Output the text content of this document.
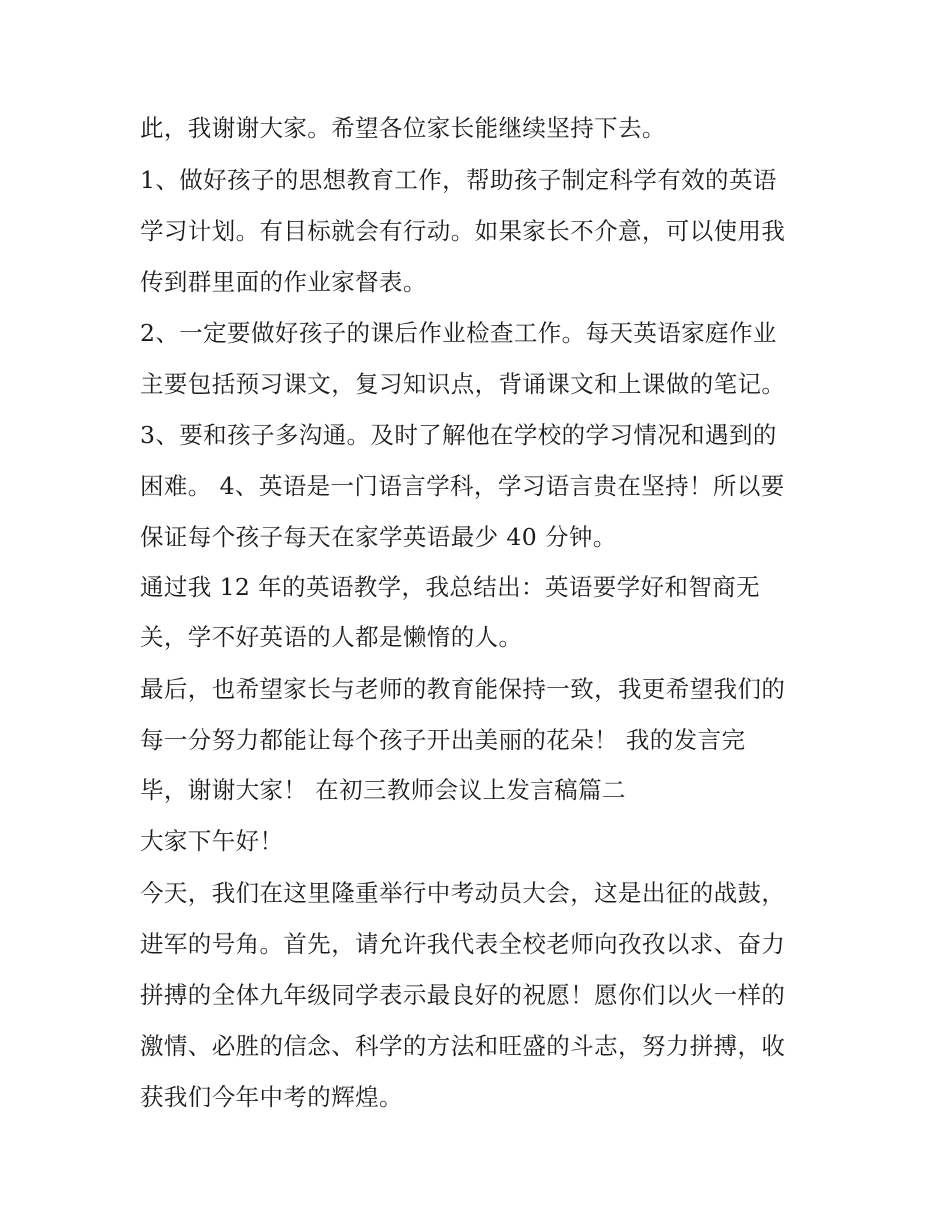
此，我谢谢大家。希望各位家长能继续坚持下去。
1、做好孩子的思想教育工作，帮助孩子制定科学有效的英语
学习计划。有目标就会有行动。如果家长不介意，可以使用我
传到群里面的作业家督表。
2、一定要做好孩子的课后作业检查工作。每天英语家庭作业
主要包括预习课文，复习知识点，背诵课文和上课做的笔记。
3、要和孩子多沟通。及时了解他在学校的学习情况和遇到的
困难。 4、英语是一门语言学科，学习语言贵在坚持！所以要
保证每个孩子每天在家学英语最少 40 分钟。
通过我 12 年的英语教学，我总结出：英语要学好和智商无
关，学不好英语的人都是懒惰的人。
最后，也希望家长与老师的教育能保持一致，我更希望我们的
每一分努力都能让每个孩子开出美丽的花朵！ 我的发言完
毕，谢谢大家！ 在初三教师会议上发言稿篇二
大家下午好！
今天，我们在这里隆重举行中考动员大会，这是出征的战鼓，
进军的号角。首先，请允许我代表全校老师向孜孜以求、奋力
拼搏的全体九年级同学表示最良好的祝愿！愿你们以火一样的
激情、必胜的信念、科学的方法和旺盛的斗志，努力拼搏，收
获我们今年中考的辉煌。
